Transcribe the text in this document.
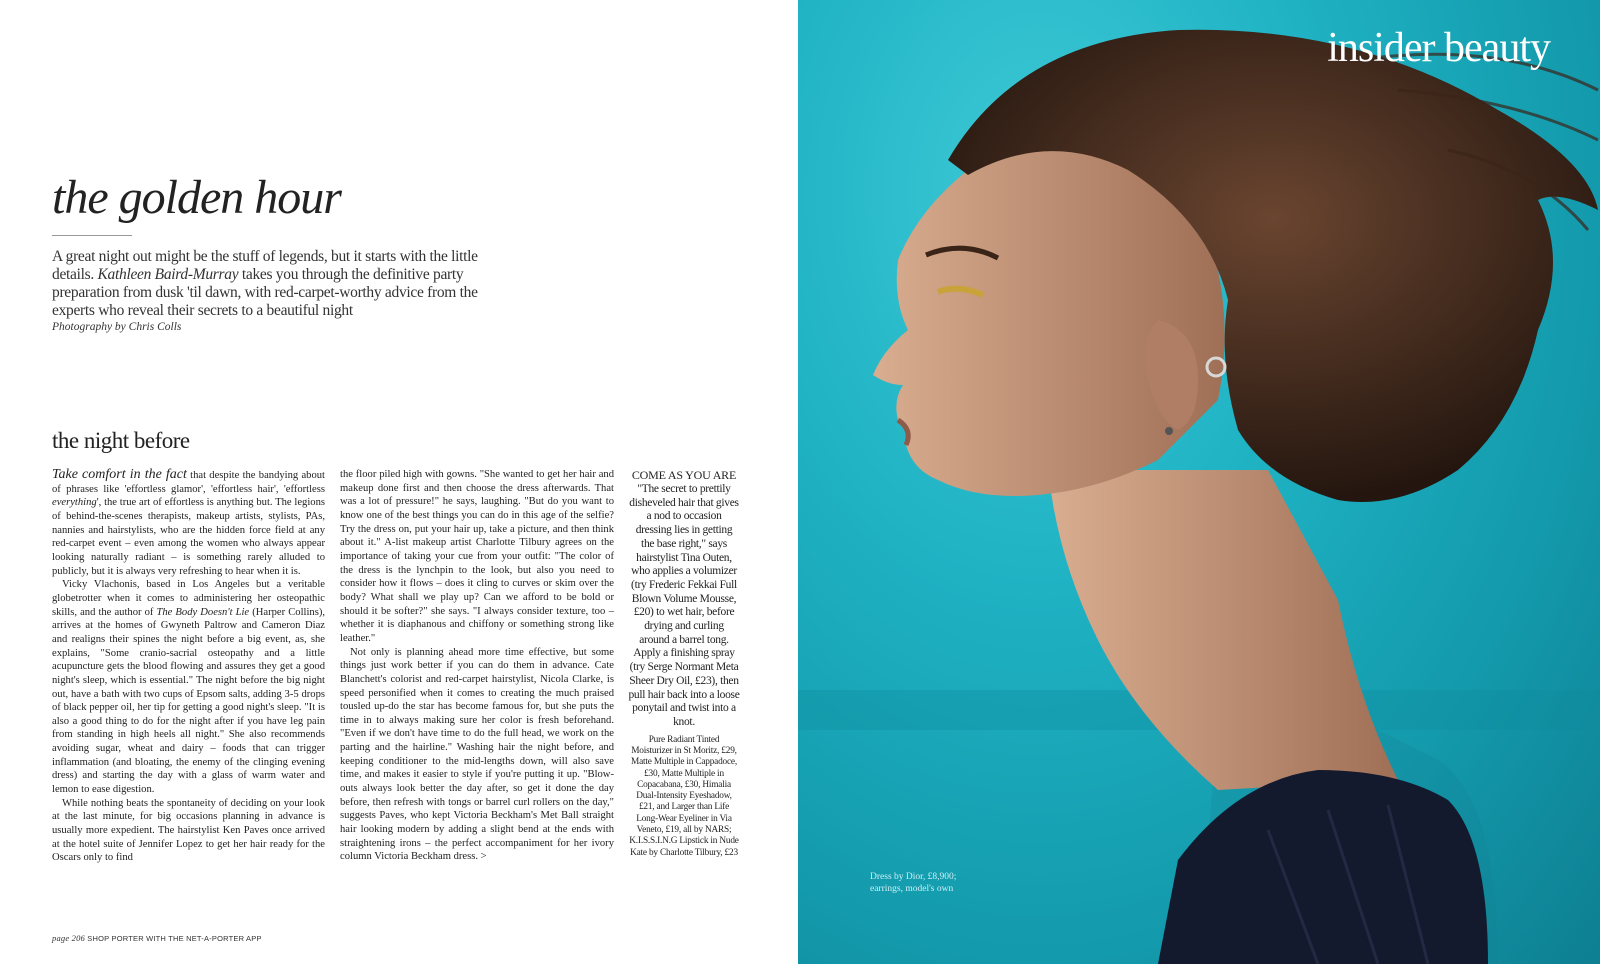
the golden hour
A great night out might be the stuff of legends, but it starts with the little details. Kathleen Baird-Murray takes you through the definitive party preparation from dusk 'til dawn, with red-carpet-worthy advice from the experts who reveal their secrets to a beautiful night
Photography by Chris Colls
the night before

Take comfort in the fact that despite the bandying about of phrases like 'effortless glamor', 'effortless hair', 'effortless everything', the true art of effortless is anything but. The legions of behind-the-scenes therapists, makeup artists, stylists, PAs, nannies and hairstylists, who are the hidden force field at any red-carpet event – even among the women who always appear looking naturally radiant – is something rarely alluded to publicly, but it is always very refreshing to hear when it is.

Vicky Vlachonis, based in Los Angeles but a veritable globetrotter when it comes to administering her osteopathic skills, and the author of The Body Doesn't Lie (Harper Collins), arrives at the homes of Gwyneth Paltrow and Cameron Diaz and realigns their spines the night before a big event, as, she explains, "Some cranio-sacrial osteopathy and a little acupuncture gets the blood flowing and assures they get a good night's sleep, which is essential." The night before the big night out, have a bath with two cups of Epsom salts, adding 3-5 drops of black pepper oil, her tip for getting a good night's sleep. "It is also a good thing to do for the night after if you have leg pain from standing in high heels all night." She also recommends avoiding sugar, wheat and dairy – foods that can trigger inflammation (and bloating, the enemy of the clinging evening dress) and starting the day with a glass of warm water and lemon to ease digestion.

While nothing beats the spontaneity of deciding on your look at the last minute, for big occasions planning in advance is usually more expedient. The hairstylist Ken Paves once arrived at the hotel suite of Jennifer Lopez to get her hair ready for the Oscars only to find

the floor piled high with gowns. "She wanted to get her hair and makeup done first and then choose the dress afterwards. That was a lot of pressure!" he says, laughing. "But do you want to know one of the best things you can do in this age of the selfie? Try the dress on, put your hair up, take a picture, and then think about it." A-list makeup artist Charlotte Tilbury agrees on the importance of taking your cue from your outfit: "The color of the dress is the lynchpin to the look, but also you need to consider how it flows – does it cling to curves or skim over the body? What shall we play up? Can we afford to be bold or should it be softer?" she says. "I always consider texture, too – whether it is diaphanous and chiffony or something strong like leather."

Not only is planning ahead more time effective, but some things just work better if you can do them in advance. Cate Blanchett's colorist and red-carpet hairstylist, Nicola Clarke, is speed personified when it comes to creating the much praised tousled up-do the star has become famous for, but she puts the time in to always making sure her color is fresh beforehand. "Even if we don't have time to do the full head, we work on the parting and the hairline." Washing hair the night before, and keeping conditioner to the mid-lengths down, will also save time, and makes it easier to style if you're putting it up. "Blow-outs always look better the day after, so get it done the day before, then refresh with tongs or barrel curl rollers on the day," suggests Paves, who kept Victoria Beckham's Met Ball straight hair looking modern by adding a slight bend at the ends with straightening irons – the perfect accompaniment for her ivory column Victoria Beckham dress. >

COME AS YOU ARE
"The secret to prettily disheveled hair that gives a nod to occasion dressing lies in getting the base right," says hairstylist Tina Outen, who applies a volumizer (try Frederic Fekkai Full Blown Volume Mousse, £20) to wet hair, before drying and curling around a barrel tong. Apply a finishing spray (try Serge Normant Meta Sheer Dry Oil, £23), then pull hair back into a loose ponytail and twist into a knot.
Pure Radiant Tinted Moisturizer in St Moritz, £29, Matte Multiple in Cappadoce, £30, Matte Multiple in Copacabana, £30, Himalia Dual-Intensity Eyeshadow, £21, and Larger than Life Long-Wear Eyeliner in Via Veneto, £19, all by NARS; K.I.S.S.I.N.G Lipstick in Nude Kate by Charlotte Tilbury, £23
page 206 SHOP PORTER WITH THE NET-A-PORTER APP
insider beauty
Dress by Dior, £8,900; earrings, model's own
